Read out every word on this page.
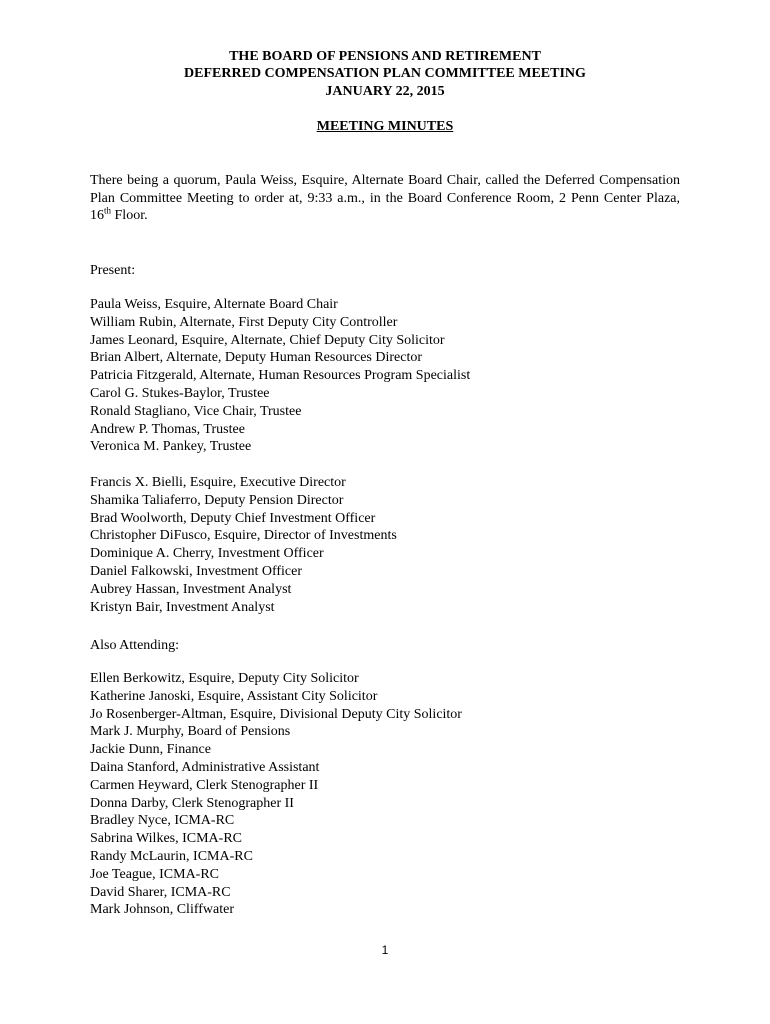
THE BOARD OF PENSIONS AND RETIREMENT
DEFERRED COMPENSATION PLAN COMMITTEE MEETING
JANUARY 22, 2015
MEETING MINUTES

There being a quorum, Paula Weiss, Esquire, Alternate Board Chair, called the Deferred Compensation Plan Committee Meeting to order at, 9:33 a.m., in the Board Conference Room, 2 Penn Center Plaza, 16th Floor.

Present:
Paula Weiss, Esquire, Alternate Board Chair
William Rubin, Alternate, First Deputy City Controller
James Leonard, Esquire, Alternate, Chief Deputy City Solicitor
Brian Albert, Alternate, Deputy Human Resources Director
Patricia Fitzgerald, Alternate, Human Resources Program Specialist
Carol G. Stukes-Baylor, Trustee
Ronald Stagliano, Vice Chair, Trustee
Andrew P. Thomas, Trustee
Veronica M. Pankey, Trustee
Francis X. Bielli, Esquire, Executive Director
Shamika Taliaferro, Deputy Pension Director
Brad Woolworth, Deputy Chief Investment Officer
Christopher DiFusco, Esquire, Director of Investments
Dominique A. Cherry, Investment Officer
Daniel Falkowski, Investment Officer
Aubrey Hassan, Investment Analyst
Kristyn Bair, Investment Analyst
Also Attending:
Ellen Berkowitz, Esquire, Deputy City Solicitor
Katherine Janoski, Esquire, Assistant City Solicitor
Jo Rosenberger-Altman, Esquire, Divisional Deputy City Solicitor
Mark J. Murphy, Board of Pensions
Jackie Dunn, Finance
Daina Stanford, Administrative Assistant
Carmen Heyward, Clerk Stenographer II
Donna Darby, Clerk Stenographer II
Bradley Nyce, ICMA-RC
Sabrina Wilkes, ICMA-RC
Randy McLaurin, ICMA-RC
Joe Teague, ICMA-RC
David Sharer, ICMA-RC
Mark Johnson, Cliffwater
1
